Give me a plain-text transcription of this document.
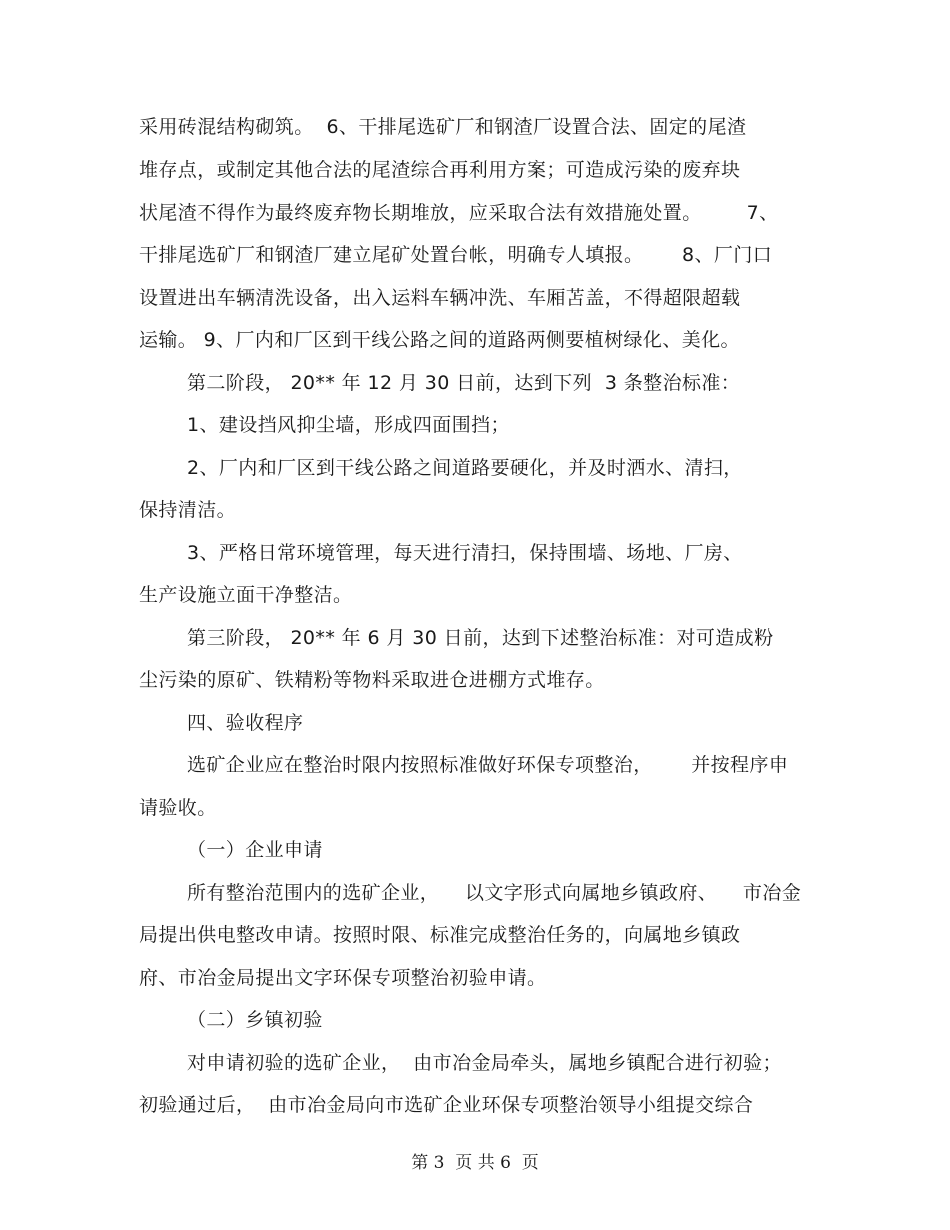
采用砖混结构砌筑。  6、干排尾选矿厂和钢渣厂设置合法、固定的尾渣
堆存点，或制定其他合法的尾渣综合再利用方案；可造成污染的废弃块
状尾渣不得作为最终废弃物长期堆放，应采取合法有效措施处置。       7、
干排尾选矿厂和钢渣厂建立尾矿处置台帐，明确专人填报。      8、厂门口
设置进出车辆清洗设备，出入运料车辆冲洗、车厢苫盖，不得超限超载
运输。 9、厂内和厂区到干线公路之间的道路两侧要植树绿化、美化。
第二阶段， 20** 年 12 月 30 日前，达到下列  3 条整治标准：
1、建设挡风抑尘墙，形成四面围挡；
2、厂内和厂区到干线公路之间道路要硬化，并及时洒水、清扫，
保持清洁。
3、严格日常环境管理，每天进行清扫，保持围墙、场地、厂房、
生产设施立面干净整洁。
第三阶段， 20** 年 6 月 30 日前，达到下述整治标准：对可造成粉
尘污染的原矿、铁精粉等物料采取进仓进棚方式堆存。
四、验收程序
选矿企业应在整治时限内按照标准做好环保专项整治，      并按程序申
请验收。
（一）企业申请
所有整治范围内的选矿企业，    以文字形式向属地乡镇政府、    市冶金
局提出供电整改申请。按照时限、标准完成整治任务的，向属地乡镇政
府、市冶金局提出文字环保专项整治初验申请。
（二）乡镇初验
对申请初验的选矿企业，  由市冶金局牵头，属地乡镇配合进行初验；
初验通过后，  由市冶金局向市选矿企业环保专项整治领导小组提交综合
第 3  页 共 6  页
